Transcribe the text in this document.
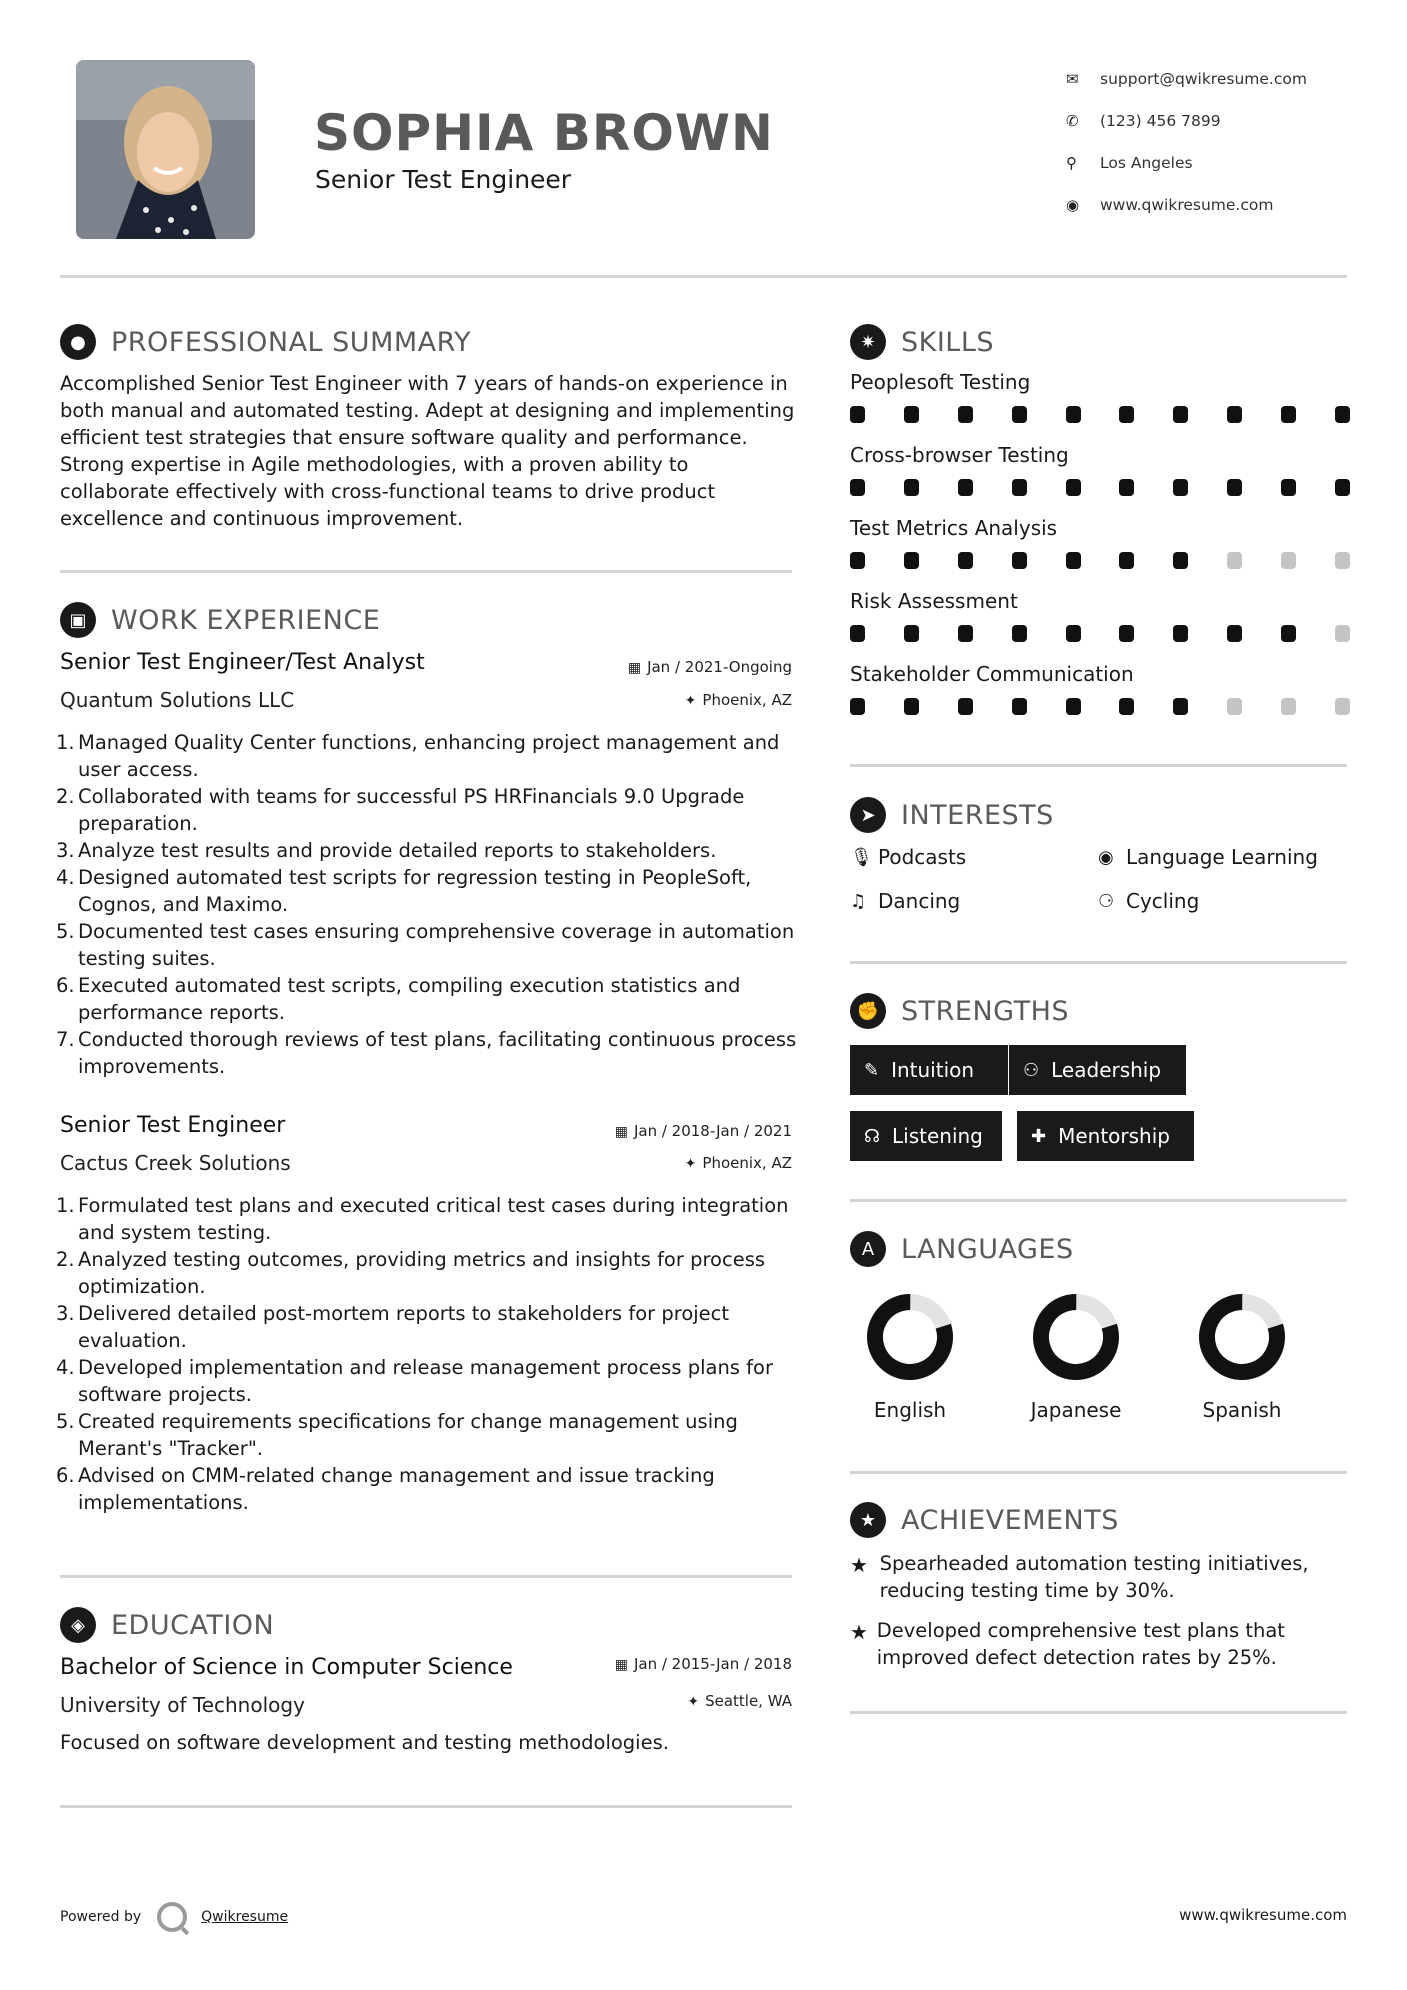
SOPHIA BROWN
Senior Test Engineer
✉	support@qwikresume.com
✆	(123) 456 7899
⚲	Los Angeles
◉	www.qwikresume.com
● PROFESSIONAL SUMMARY
Accomplished Senior Test Engineer with 7 years of hands-on experience in both manual and automated testing. Adept at designing and implementing efficient test strategies that ensure software quality and performance. Strong expertise in Agile methodologies, with a proven ability to collaborate effectively with cross-functional teams to drive product excellence and continuous improvement.
▣ WORK EXPERIENCE
Senior Test Engineer/Test Analyst	▦ Jan / 2021-Ongoing
Quantum Solutions LLC	✦ Phoenix, AZ
1. Managed Quality Center functions, enhancing project management and user access.
2. Collaborated with teams for successful PS HRFinancials 9.0 Upgrade preparation.
3. Analyze test results and provide detailed reports to stakeholders.
4. Designed automated test scripts for regression testing in PeopleSoft, Cognos, and Maximo.
5. Documented test cases ensuring comprehensive coverage in automation testing suites.
6. Executed automated test scripts, compiling execution statistics and performance reports.
7. Conducted thorough reviews of test plans, facilitating continuous process improvements.
Senior Test Engineer	▦ Jan / 2018-Jan / 2021
Cactus Creek Solutions	✦ Phoenix, AZ
1. Formulated test plans and executed critical test cases during integration and system testing.
2. Analyzed testing outcomes, providing metrics and insights for process optimization.
3. Delivered detailed post-mortem reports to stakeholders for project evaluation.
4. Developed implementation and release management process plans for software projects.
5. Created requirements specifications for change management using Merant's "Tracker".
6. Advised on CMM-related change management and issue tracking implementations.
◈ EDUCATION
Bachelor of Science in Computer Science	▦ Jan / 2015-Jan / 2018
University of Technology	✦ Seattle, WA
Focused on software development and testing methodologies.
✷ SKILLS
Peoplesoft Testing
Cross-browser Testing
Test Metrics Analysis
Risk Assessment
Stakeholder Communication
➤ INTERESTS
🎙 Podcasts	◉ Language Learning
♫ Dancing	⚆ Cycling
✊ STRENGTHS
✎ Intuition	⚇ Leadership
☊ Listening	✚ Mentorship
A LANGUAGES
English	Japanese	Spanish
★ ACHIEVEMENTS
★ Spearheaded automation testing initiatives, reducing testing time by 30%.
★ Developed comprehensive test plans that improved defect detection rates by 25%.
Powered by	Qwikresume	www.qwikresume.com
